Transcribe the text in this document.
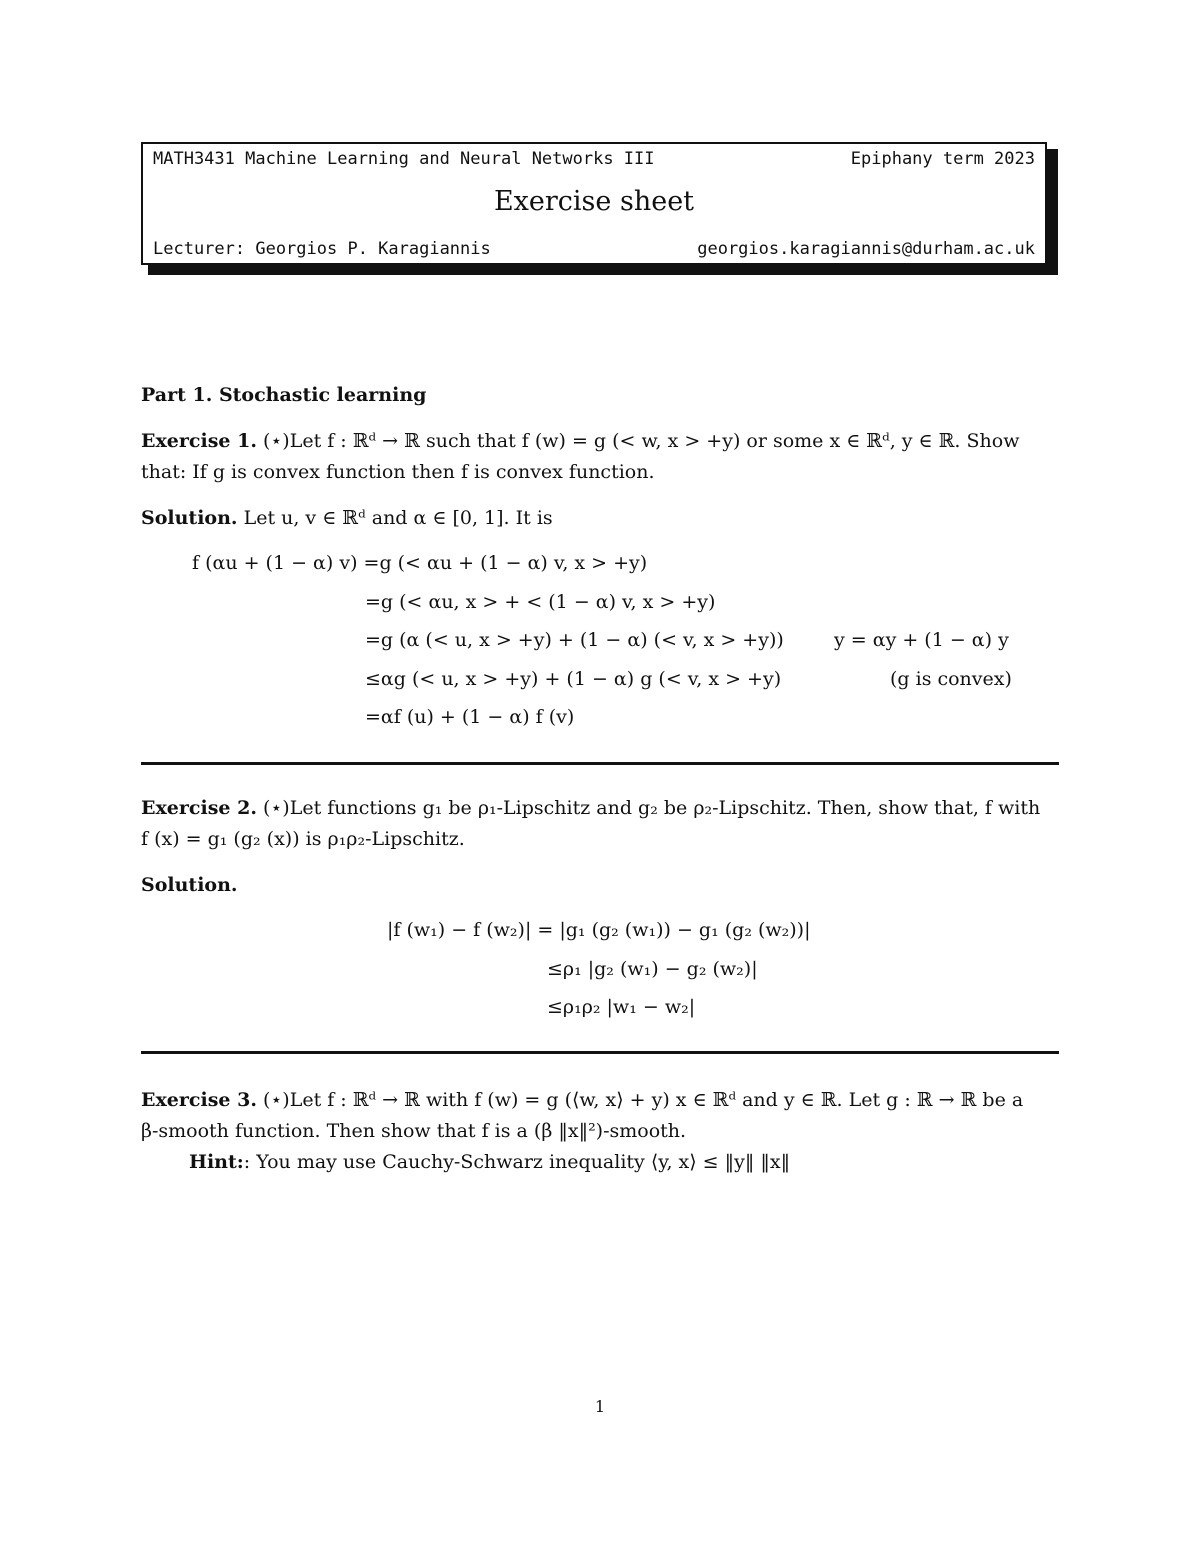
MATH3431 Machine Learning and Neural Networks III	Epiphany term 2023
Exercise sheet
Lecturer: Georgios P. Karagiannis	georgios.karagiannis@durham.ac.uk
Part 1. Stochastic learning
Exercise 1. (⋆)Let f : ℝᵈ → ℝ such that f (w) = g (< w, x > +y) or some x ∈ ℝᵈ, y ∈ ℝ. Show
that: If g is convex function then f is convex function.
Solution. Let u, v ∈ ℝᵈ and α ∈ [0, 1]. It is
f (αu + (1 − α) v) =g (< αu + (1 − α) v, x > +y)
=g (< αu, x > + < (1 − α) v, x > +y)
=g (α (< u, x > +y) + (1 − α) (< v, x > +y))	y = αy + (1 − α) y
≤αg (< u, x > +y) + (1 − α) g (< v, x > +y)	(g is convex)
=αf (u) + (1 − α) f (v)
Exercise 2. (⋆)Let functions g₁ be ρ₁-Lipschitz and g₂ be ρ₂-Lipschitz. Then, show that, f with
f (x) = g₁ (g₂ (x)) is ρ₁ρ₂-Lipschitz.
Solution.
|f (w₁) − f (w₂)| = |g₁ (g₂ (w₁)) − g₁ (g₂ (w₂))|
≤ρ₁ |g₂ (w₁) − g₂ (w₂)|
≤ρ₁ρ₂ |w₁ − w₂|
Exercise 3. (⋆)Let f : ℝᵈ → ℝ with f (w) = g (⟨w, x⟩ + y) x ∈ ℝᵈ and y ∈ ℝ. Let g : ℝ → ℝ be a
β-smooth function. Then show that f is a (β ‖x‖²)-smooth.
Hint:: You may use Cauchy-Schwarz inequality ⟨y, x⟩ ≤ ‖y‖ ‖x‖
1
